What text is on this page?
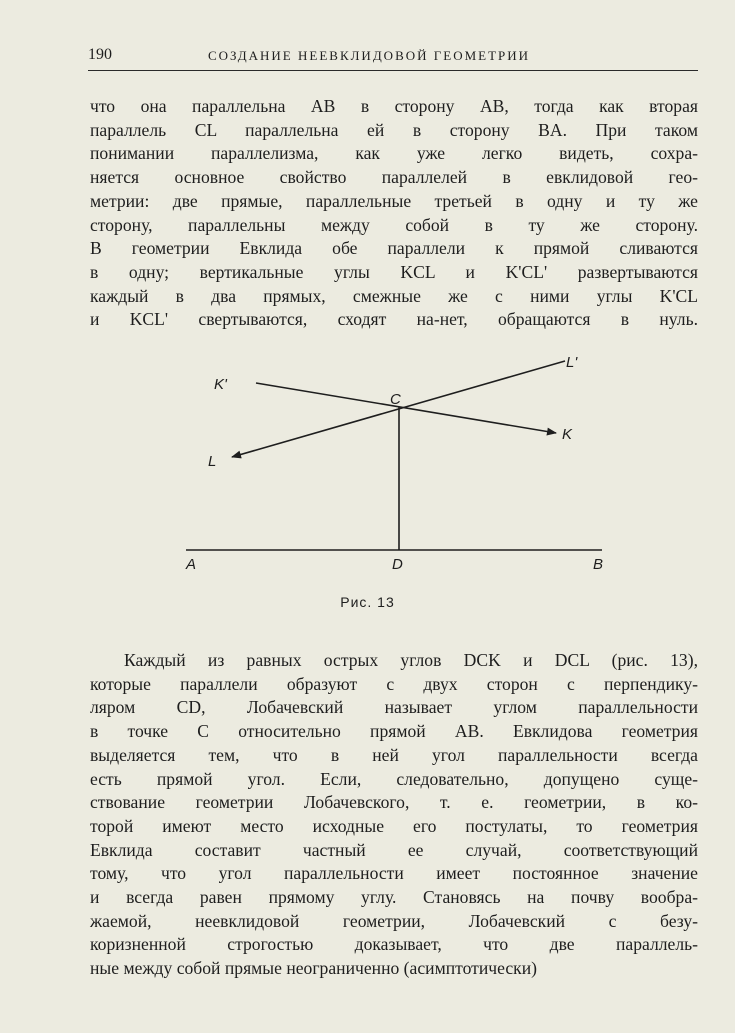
190	СОЗДАНИЕ НЕЕВКЛИДОВОЙ ГЕОМЕТРИИ
что она параллельна AB в сторону AB, тогда как вторая
параллель CL параллельна ей в сторону BA. При таком
понимании параллелизма, как уже легко видеть, сохра-
няется основное свойство параллелей в евклидовой гео-
метрии: две прямые, параллельные третьей в одну и ту же
сторону, параллельны между собой в ту же сторону.
В геометрии Евклида обе параллели к прямой сливаются
в одну; вертикальные углы KCL и K'CL' развертываются
каждый в два прямых, смежные же с ними углы K'CL
и KCL' свертываются, сходят на-нет, обращаются в нуль.
K'
L'
C
K
L
A	D	B
Рис. 13
Каждый из равных острых углов DCK и DCL (рис. 13),
которые параллели образуют с двух сторон с перпендику-
ляром CD, Лобачевский называет углом параллельности
в точке C относительно прямой AB. Евклидова геометрия
выделяется тем, что в ней угол параллельности всегда
есть прямой угол. Если, следовательно, допущено суще-
ствование геометрии Лобачевского, т. е. геометрии, в ко-
торой имеют место исходные его постулаты, то геометрия
Евклида составит частный ее случай, соответствующий
тому, что угол параллельности имеет постоянное значение
и всегда равен прямому углу. Становясь на почву вообра-
жаемой, неевклидовой геометрии, Лобачевский с безу-
коризненной строгостью доказывает, что две параллель-
ные между собой прямые неограниченно (асимптотически)
